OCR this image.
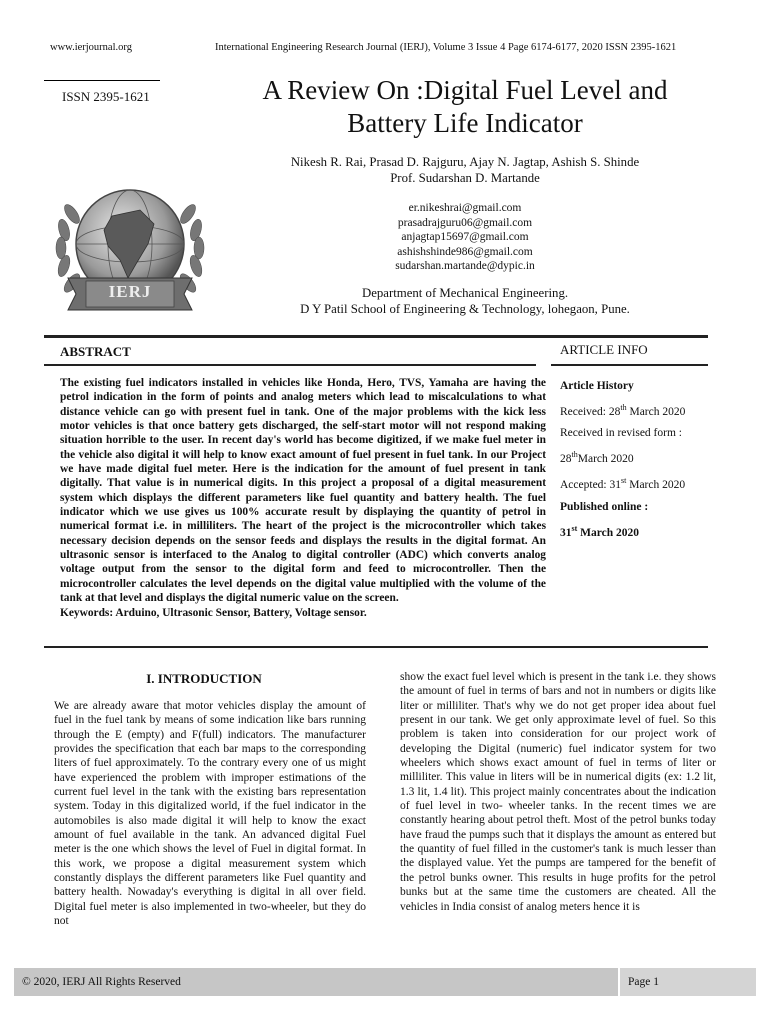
www.ierjournal.org	International Engineering Research Journal (IERJ), Volume 3 Issue 4 Page 6174-6177, 2020 ISSN 2395-1621
ISSN 2395-1621	A Review On :Digital Fuel Level and
Battery Life Indicator
Nikesh R. Rai, Prasad D. Rajguru, Ajay N. Jagtap, Ashish S. Shinde
Prof. Sudarshan D. Martande
er.nikeshrai@gmail.com
prasadrajguru06@gmail.com
anjagtap15697@gmail.com
ashishshinde986@gmail.com
sudarshan.martande@dypic.in
IERJ	Department of Mechanical Engineering.
D Y Patil School of Engineering & Technology, lohegaon, Pune.
ABSTRACT	ARTICLE INFO
The existing fuel indicators installed in vehicles like Honda, Hero, TVS, Yamaha are having the petrol indication in the form of points and analog meters which lead to miscalculations to what distance vehicle can go with present fuel in tank. One of the major problems with the kick less motor vehicles is that once battery gets discharged, the self-start motor will not respond making situation horrible to the user. In recent day's world has become digitized, if we make fuel meter in the vehicle also digital it will help to know exact amount of fuel present in fuel tank. In our Project we have made digital fuel meter. Here is the indication for the amount of fuel present in tank digitally. That value is in numerical digits. In this project a proposal of a digital measurement system which displays the different parameters like fuel quantity and battery health. The fuel indicator which we use gives us 100% accurate result by displaying the quantity of petrol in numerical format i.e. in milliliters. The heart of the project is the microcontroller which takes necessary decision depends on the sensor feeds and displays the results in the digital format. An ultrasonic sensor is interfaced to the Analog to digital controller (ADC) which converts analog voltage output from the sensor to the digital form and feed to microcontroller. Then the microcontroller calculates the level depends on the digital value multiplied with the volume of the tank at that level and displays the digital numeric value on the screen.
Keywords: Arduino, Ultrasonic Sensor, Battery, Voltage sensor.
Article History
Received: 28th March 2020
Received in revised form :
28thMarch 2020
Accepted: 31st March 2020
Published online :
31st March 2020
I. INTRODUCTION
We are already aware that motor vehicles display the amount of fuel in the fuel tank by means of some indication like bars running through the E (empty) and F(full) indicators. The manufacturer provides the specification that each bar maps to the corresponding liters of fuel approximately. To the contrary every one of us might have experienced the problem with improper estimations of the current fuel level in the tank with the existing bars representation system. Today in this digitalized world, if the fuel indicator in the automobiles is also made digital it will help to know the exact amount of fuel available in the tank. An advanced digital Fuel meter is the one which shows the level of Fuel in digital format. In this work, we propose a digital measurement system which constantly displays the different parameters like Fuel quantity and battery health. Nowaday's everything is digital in all over field. Digital fuel meter is also implemented in two-wheeler, but they do not
show the exact fuel level which is present in the tank i.e. they shows the amount of fuel in terms of bars and not in numbers or digits like liter or milliliter. That's why we do not get proper idea about fuel present in our tank. We get only approximate level of fuel. So this problem is taken into consideration for our project work of developing the Digital (numeric) fuel indicator system for two wheelers which shows exact amount of fuel in terms of liter or milliliter. This value in liters will be in numerical digits (ex: 1.2 lit, 1.3 lit, 1.4 lit). This project mainly concentrates about the indication of fuel level in two- wheeler tanks. In the recent times we are constantly hearing about petrol theft. Most of the petrol bunks today have fraud the pumps such that it displays the amount as entered but the quantity of fuel filled in the customer's tank is much lesser than the displayed value. Yet the pumps are tampered for the benefit of the petrol bunks owner. This results in huge profits for the petrol bunks but at the same time the customers are cheated. All the vehicles in India consist of analog meters hence it is
© 2020, IERJ All Rights Reserved	Page 1
